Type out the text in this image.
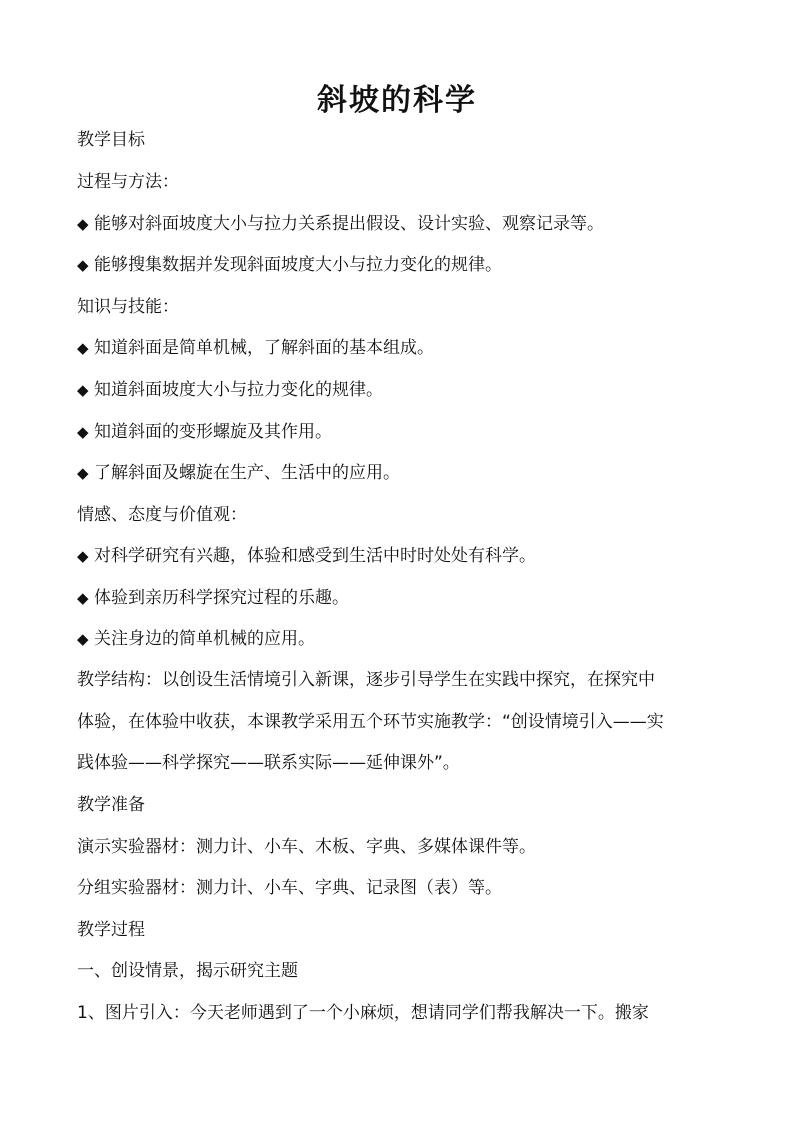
斜坡的科学
教学目标
过程与方法：
◆ 能够对斜面坡度大小与拉力关系提出假设、设计实验、观察记录等。
◆ 能够搜集数据并发现斜面坡度大小与拉力变化的规律。
知识与技能：
◆ 知道斜面是简单机械，了解斜面的基本组成。
◆ 知道斜面坡度大小与拉力变化的规律。
◆ 知道斜面的变形螺旋及其作用。
◆ 了解斜面及螺旋在生产、生活中的应用。
情感、态度与价值观：
◆ 对科学研究有兴趣，体验和感受到生活中时时处处有科学。
◆ 体验到亲历科学探究过程的乐趣。
◆ 关注身边的简单机械的应用。
教学结构：以创设生活情境引入新课，逐步引导学生在实践中探究，在探究中
体验，在体验中收获，本课教学采用五个环节实施教学：“创设情境引入——实
践体验——科学探究——联系实际——延伸课外”。
教学准备
演示实验器材：测力计、小车、木板、字典、多媒体课件等。
分组实验器材：测力计、小车、字典、记录图（表）等。
教学过程
一、创设情景，揭示研究主题
1、图片引入：今天老师遇到了一个小麻烦，想请同学们帮我解决一下。搬家
